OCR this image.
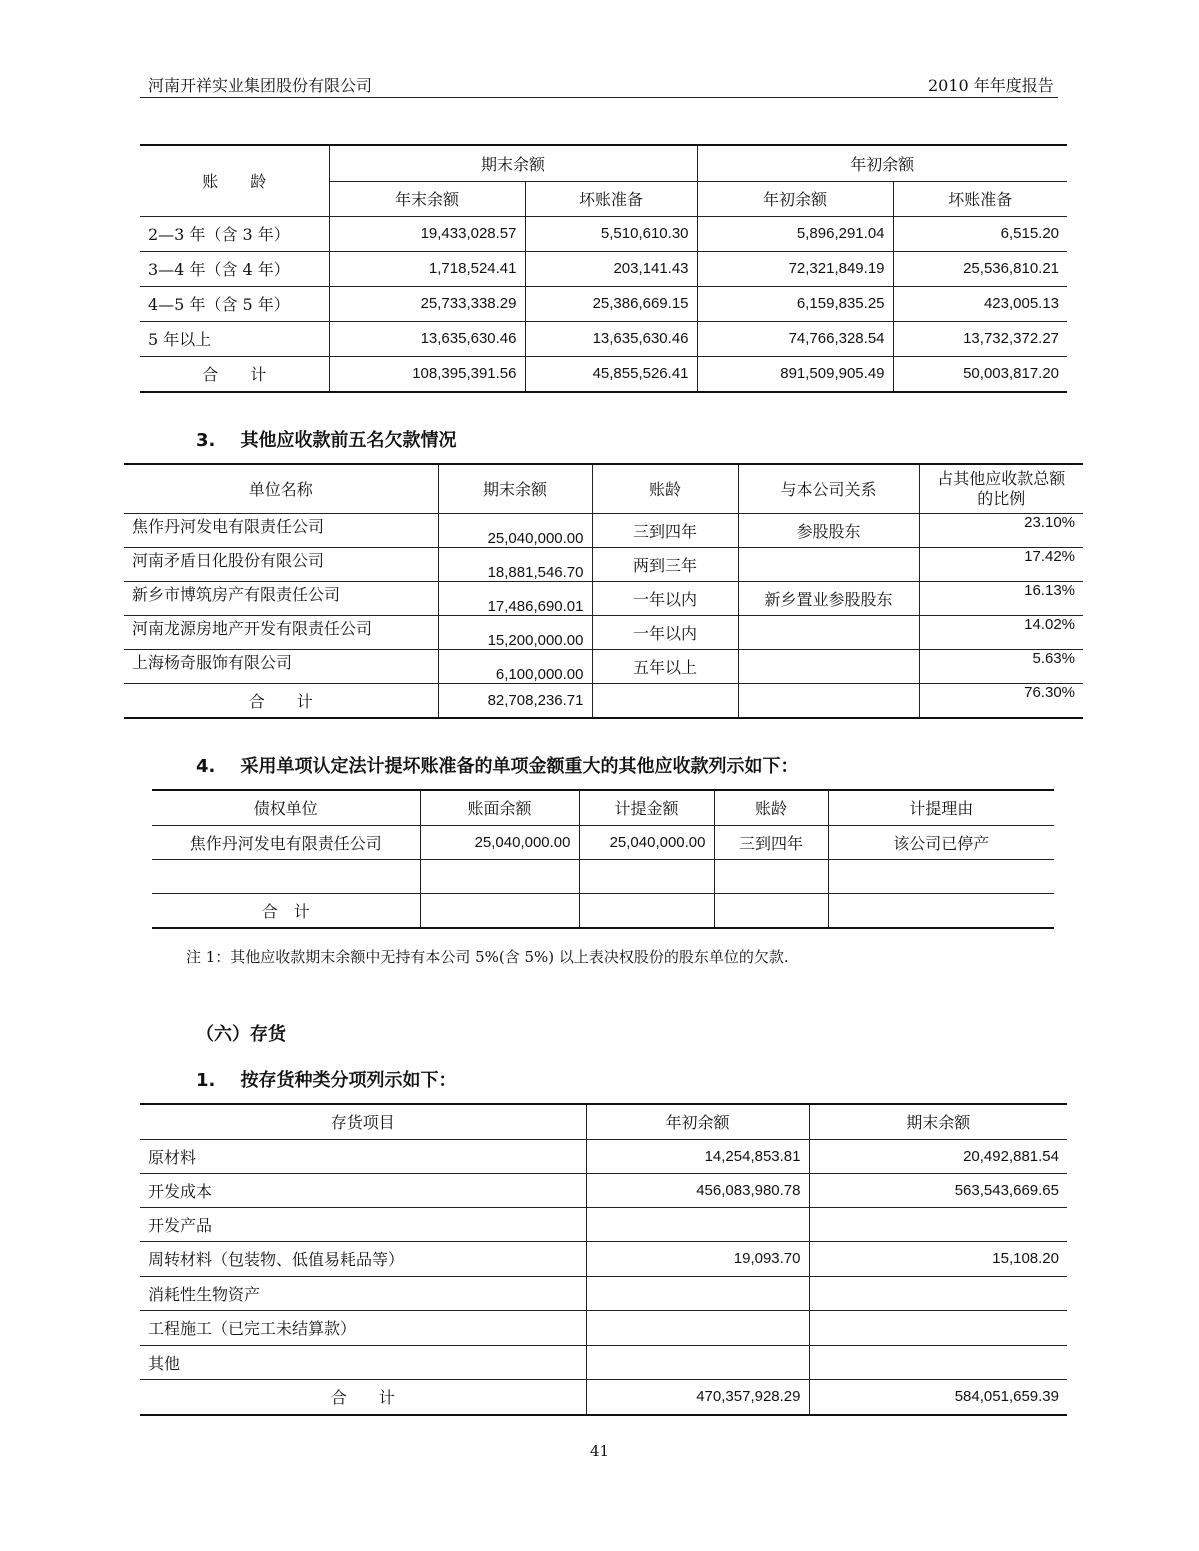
河南开祥实业集团股份有限公司	2010 年年度报告
账　　龄	期末余额		年初余额	
	年末余额	坏账准备	年初余额	坏账准备
2—3 年（含 3 年）	19,433,028.57	5,510,610.30	5,896,291.04	6,515.20
3—4 年（含 4 年）	1,718,524.41	203,141.43	72,321,849.19	25,536,810.21
4—5 年（含 5 年）	25,733,338.29	25,386,669.15	6,159,835.25	423,005.13
5 年以上	13,635,630.46	13,635,630.46	74,766,328.54	13,732,372.27
合　　计	108,395,391.56	45,855,526.41	891,509,905.49	50,003,817.20
3. 其他应收款前五名欠款情况
单位名称	期末余额	账龄	与本公司关系	占其他应收款总额
的比例

焦作丹河发电有限责任公司	25,040,000.00	三到四年	参股股东	23.10%
河南矛盾日化股份有限公司	18,881,546.70	两到三年		17.42%
新乡市博筑房产有限责任公司	17,486,690.01	一年以内	新乡置业参股股东	16.13%
河南龙源房地产开发有限责任公司	15,200,000.00	一年以内		14.02%
上海杨奇服饰有限公司	6,100,000.00	五年以上		5.63%
合　　计	82,708,236.71			76.30%
4. 采用单项认定法计提坏账准备的单项金额重大的其他应收款列示如下：
债权单位	账面余额	计提金额	账龄	计提理由
焦作丹河发电有限责任公司	25,040,000.00	25,040,000.00	三到四年	该公司已停产

合　计				
注 1：其他应收款期末余额中无持有本公司 5%(含 5%) 以上表决权股份的股东单位的欠款.
（六）存货
1. 按存货种类分项列示如下：
存货项目	年初余额	期末余额
原材料	14,254,853.81	20,492,881.54
开发成本	456,083,980.78	563,543,669.65
开发产品		
周转材料（包装物、低值易耗品等）	19,093.70	15,108.20
消耗性生物资产		
工程施工（已完工未结算款）		
其他		
合　　计	470,357,928.29	584,051,659.39
41
